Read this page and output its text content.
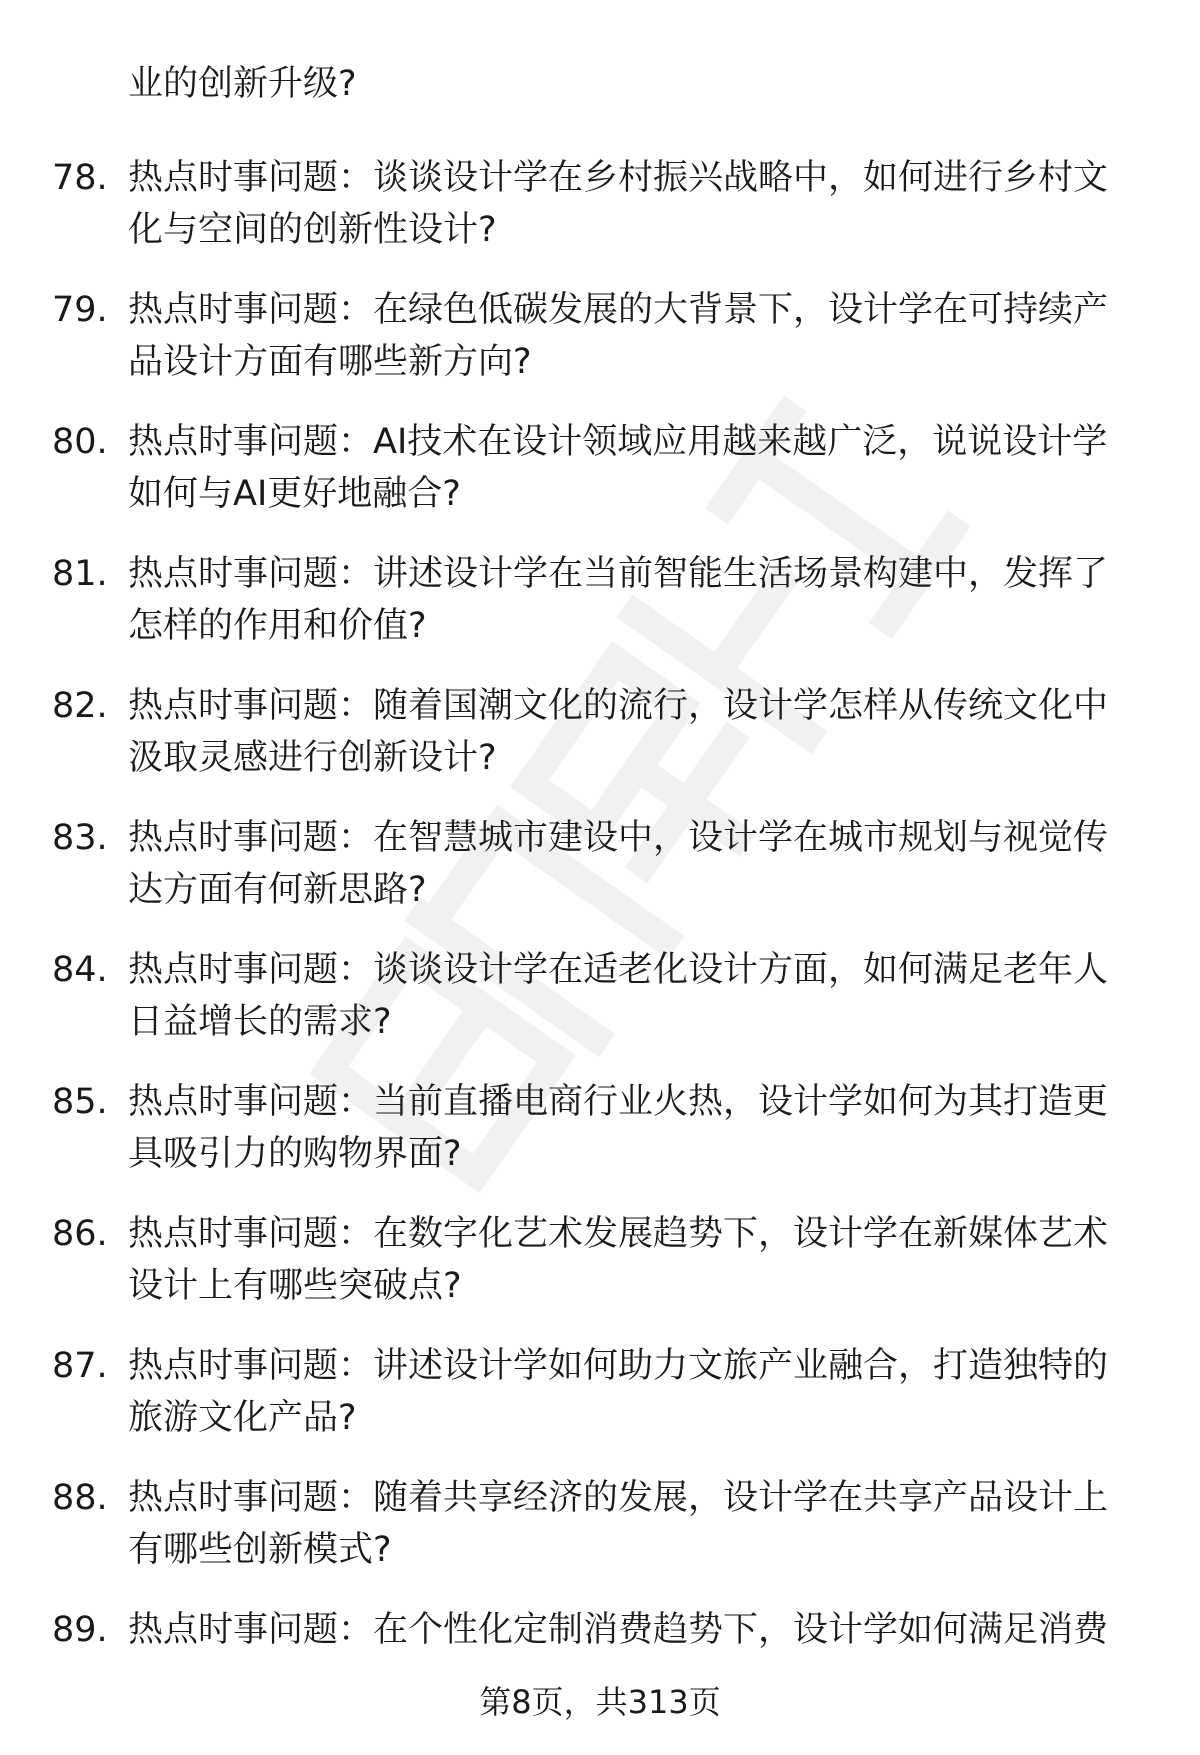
业的创新升级?
78. 热点时事问题：谈谈设计学在乡村振兴战略中，如何进行乡村文化与空间的创新性设计?
79. 热点时事问题：在绿色低碳发展的大背景下，设计学在可持续产品设计方面有哪些新方向?
80. 热点时事问题：AI技术在设计领域应用越来越广泛，说说设计学如何与AI更好地融合?
81. 热点时事问题：讲述设计学在当前智能生活场景构建中，发挥了怎样的作用和价值?
82. 热点时事问题：随着国潮文化的流行，设计学怎样从传统文化中汲取灵感进行创新设计?
83. 热点时事问题：在智慧城市建设中，设计学在城市规划与视觉传达方面有何新思路?
84. 热点时事问题：谈谈设计学在适老化设计方面，如何满足老年人日益增长的需求?
85. 热点时事问题：当前直播电商行业火热，设计学如何为其打造更具吸引力的购物界面?
86. 热点时事问题：在数字化艺术发展趋势下，设计学在新媒体艺术设计上有哪些突破点?
87. 热点时事问题：讲述设计学如何助力文旅产业融合，打造独特的旅游文化产品?
88. 热点时事问题：随着共享经济的发展，设计学在共享产品设计上有哪些创新模式?
89. 热点时事问题：在个性化定制消费趋势下，设计学如何满足消费
第8页，共313页
